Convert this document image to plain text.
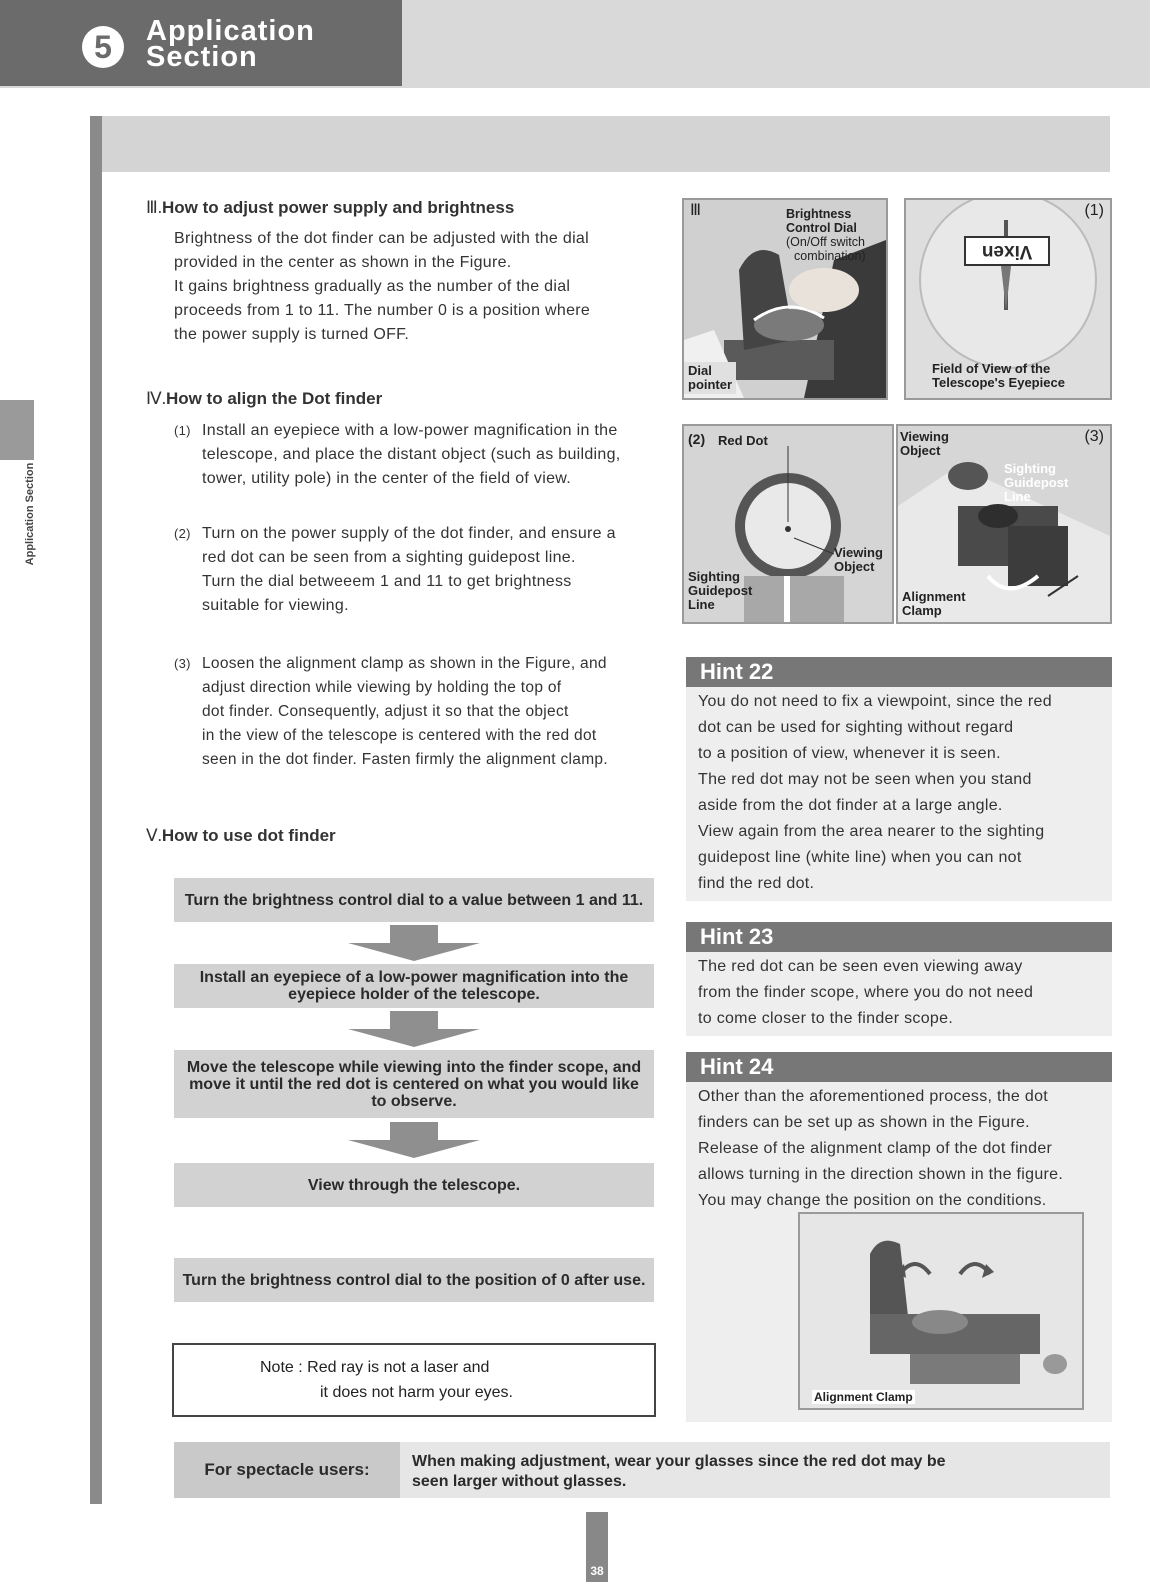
5	Application
Section
Application Section
Ⅲ.How to adjust power supply and brightness
Brightness of the dot finder can be adjusted with the dial
provided in the center as shown in the Figure.
It gains brightness gradually as the number of the dial
proceeds from 1 to 11. The number 0 is a position where
the power supply is turned OFF.
Ⅳ.How to align the Dot finder
(1) Install an eyepiece with a low-power magnification in the
telescope, and place the distant object (such as building,
tower, utility pole) in the center of the field of view.
(2) Turn on the power supply of the dot finder, and ensure a
red dot can be seen from a sighting guidepost line.
Turn the dial betweeem 1 and 11 to get brightness
suitable for viewing.
(3) Loosen the alignment clamp as shown in the Figure, and
adjust direction while viewing by holding the top of
dot finder. Consequently, adjust it so that the object
in the view of the telescope is centered with the red dot
seen in the dot finder. Fasten firmly the alignment clamp.
Ⅴ.How to use dot finder
Turn the brightness control dial to a value between 1 and 11.
Install an eyepiece of a low-power magnification into the eyepiece holder of the telescope.
Move the telescope while viewing into the finder scope, and move it until the red dot is centered on what you would like to observe.
View through the telescope.
Turn the brightness control dial to the position of 0 after use.
Note : Red ray is not a laser and
it does not harm your eyes.
Ⅲ	Brightness
Control Dial
(On/Off switch
combination)
Dial
pointer
Vixen
(1)
Field of View of the
Telescope's Eyepiece
(2) Red Dot
Viewing
Object
Sighting
Guidepost
Line
(3)
Viewing
Object
Sighting
Guidepost
Line
Alignment
Clamp
Hint 22
You do not need to fix a viewpoint, since the red
dot can be used for sighting without regard
to a position of view, whenever it is seen.
The red dot may not be seen when you stand
aside from the dot finder at a large angle.
View again from the area nearer to the sighting
guidepost line (white line) when you can not
find the red dot.
Hint 23
The red dot can be seen even viewing away
from the finder scope, where you do not need
to come closer to the finder scope.
Hint 24
Other than the aforementioned process, the dot
finders can be set up as shown in the Figure.
Release of the alignment clamp of the dot finder
allows turning in the direction shown in the figure.
You may change the position on the conditions.
Alignment Clamp
For spectacle users:	When making adjustment, wear your glasses since the red dot may be
seen larger without glasses.
38
